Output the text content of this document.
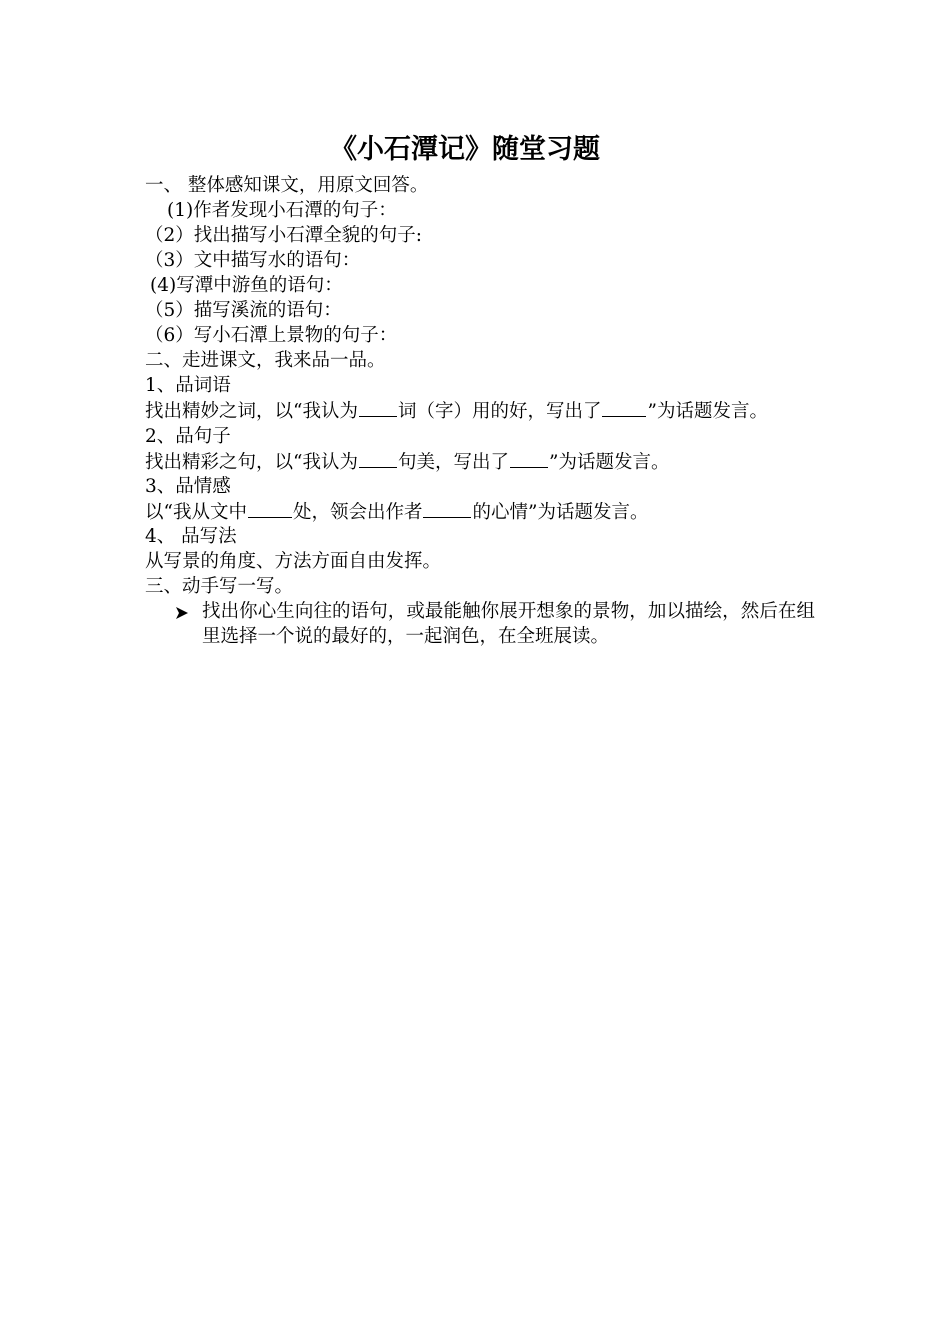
《小石潭记》随堂习题
一、 整体感知课文，用原文回答。
(1)作者发现小石潭的句子：
（2）找出描写小石潭全貌的句子:
（3）文中描写水的语句：
(4)写潭中游鱼的语句：
（5）描写溪流的语句：
（6）写小石潭上景物的句子：
二、走进课文，我来品一品。
1、品词语
找出精妙之词，以“我认为 词（字）用的好，写出了 ”为话题发言。
2、品句子
找出精彩之句，以“我认为 句美，写出了 ”为话题发言。
3、品情感
以“我从文中 处，领会出作者	的心情”为话题发言。
4、 品写法
从写景的角度、方法方面自由发挥。
三、动手写一写。
找出你心生向往的语句，或最能触你展开想象的景物，加以描绘，然后在组里选择一个说的最好的，一起润色，在全班展读。
